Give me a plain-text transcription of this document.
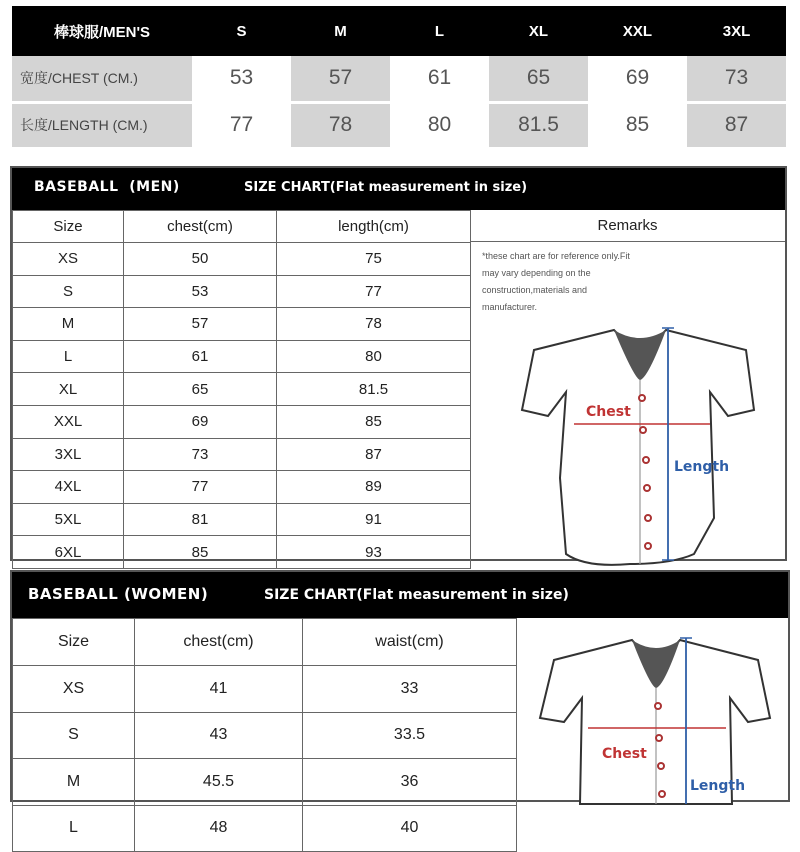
棒球服/MEN'S	S	M	L	XL	XXL	3XL
宽度/CHEST (CM.)	53	57	61	65	69	73
长度/LENGTH (CM.)	77	78	80	81.5	85	87
BASEBALL  (MEN)	SIZE CHART(Flat measurement in size)
Size	chest(cm)	length(cm)
XS	50	75
S	53	77
M	57	78
L	61	80
XL	65	81.5
XXL	69	85
3XL	73	87
4XL	77	89
5XL	81	91
6XL	85	93
Remarks
*these chart are for reference only.Fit may vary depending on the construction,materials and manufacturer.
Chest
Length
BASEBALL (WOMEN)	SIZE CHART(Flat measurement in size)
Size	chest(cm)	waist(cm)
XS	41	33
S	43	33.5
M	45.5	36
L	48	40
Chest
Length
